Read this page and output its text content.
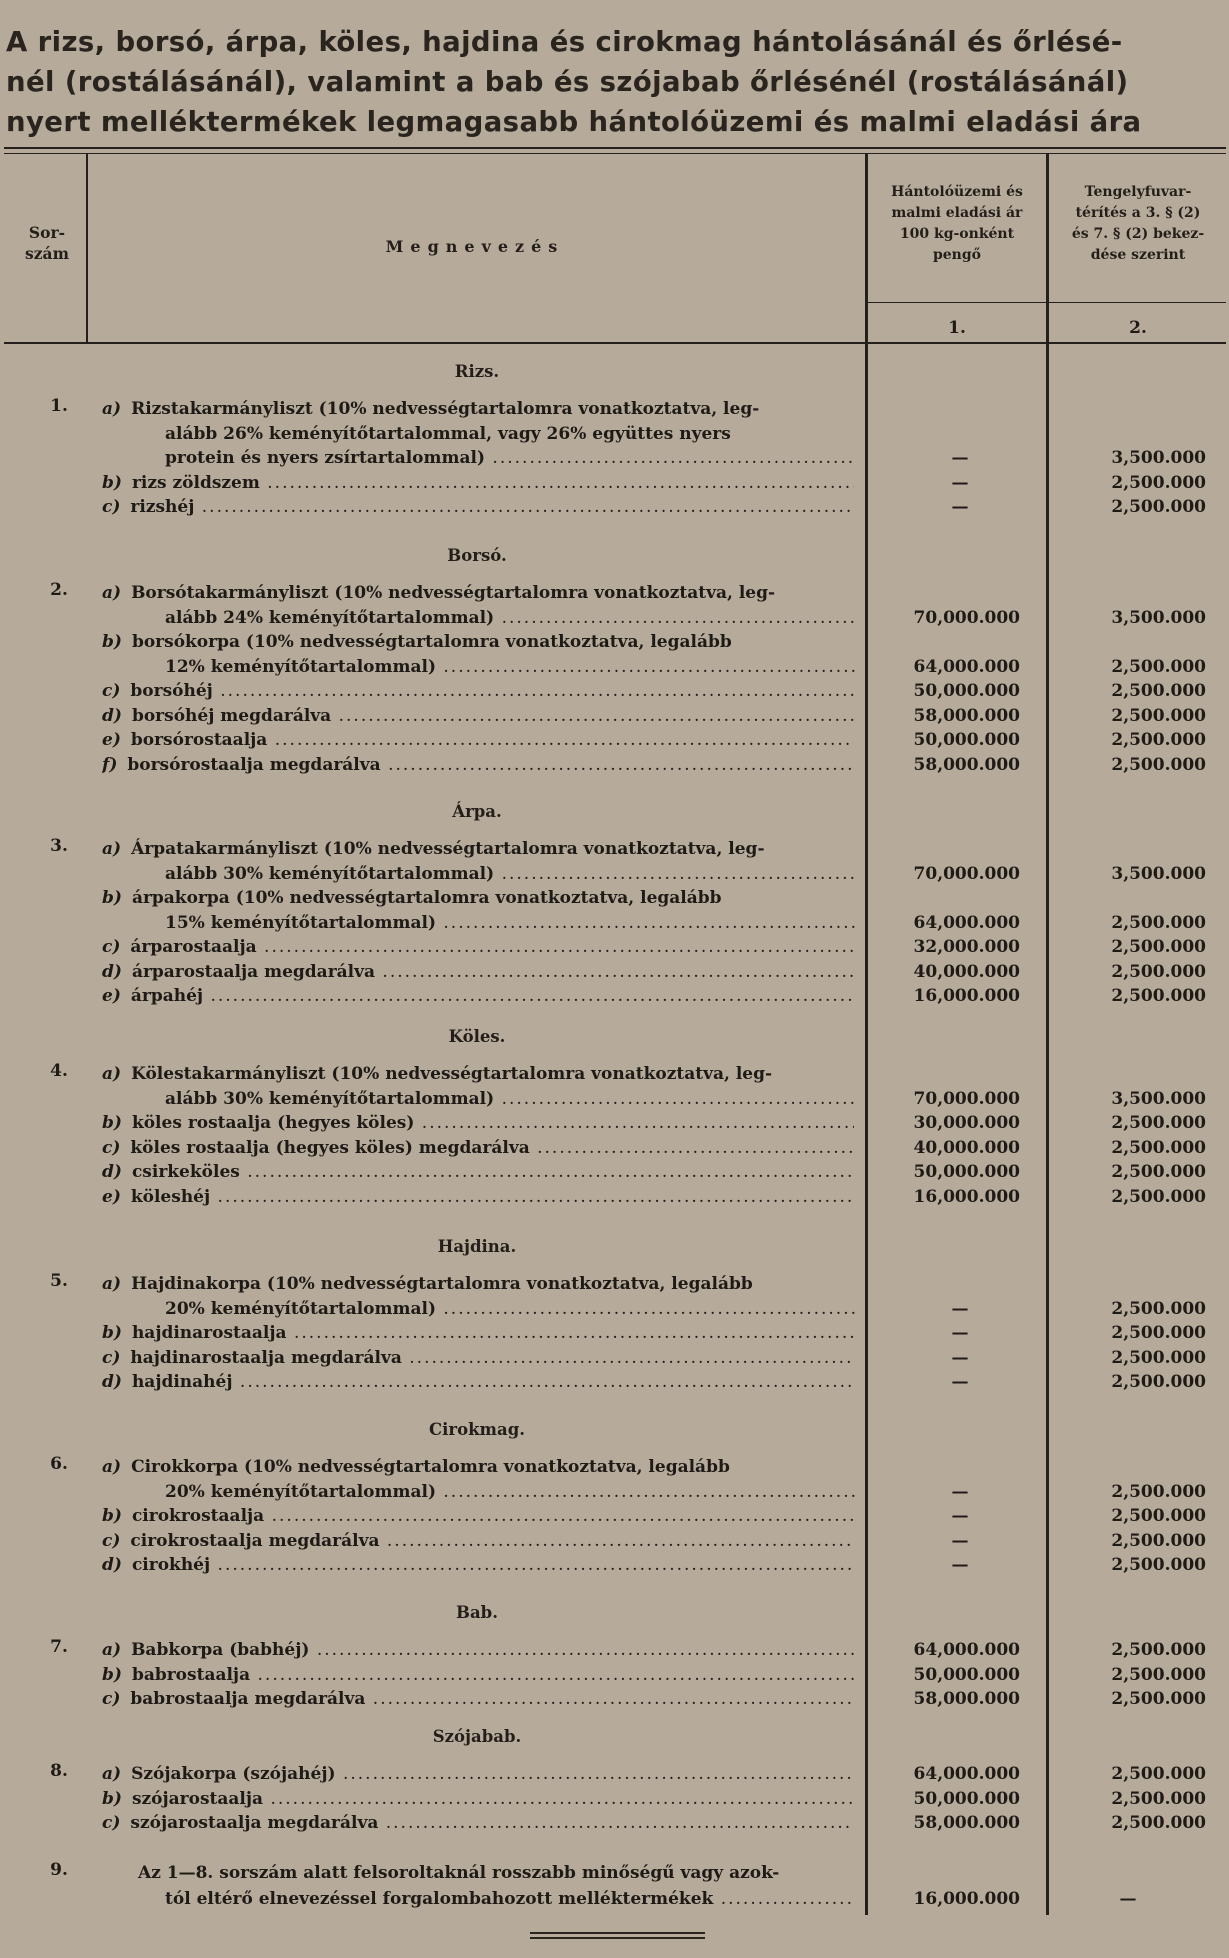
A rizs, borsó, árpa, köles, hajdina és cirokmag hántolásánál és őrlésé-
nél (rostálásánál), valamint a bab és szójabab őrlésénél (rostálásánál)
nyert melléktermékek legmagasabb hántolóüzemi és malmi eladási ára
Sor-
szám	Megnevezés
Hántolóüzemi és
malmi eladási ár
100 kg-onként
pengő
Tengelyfuvar-
térítés a 3. § (2)
és 7. § (2) bekez-
dése szerint
1.	2.
Rizs.
1.
alább 26% keményítőtartalommal, vagy 26% együttes nyers
a) Rizstakarmányliszt (10% nedvességtartalomra vonatkoztatva, leg-
protein és nyers zsírtartalommal) .....	—	3,500.000
b) rizs zöldszem .....	—	2,500.000
c) rizshéj .....	—	2,500.000
Borsó.
2.	a) Borsótakarmányliszt (10% nedvességtartalomra vonatkoztatva, leg-
alább 24% keményítőtartalommal) .....	70,000.000	3,500.000
b) borsókorpa (10% nedvességtartalomra vonatkoztatva, legalább
12% keményítőtartalommal) .....	64,000.000	2,500.000
c) borsóhéj .....	50,000.000	2,500.000
d) borsóhéj megdarálva .....	58,000.000	2,500.000
e) borsórostaalja .....	50,000.000	2,500.000
f) borsórostaalja megdarálva .....	58,000.000	2,500.000
Árpa.
3.	a) Árpatakarmányliszt (10% nedvességtartalomra vonatkoztatva, leg-
alább 30% keményítőtartalommal) .....	70,000.000	3,500.000
b) árpakorpa (10% nedvességtartalomra vonatkoztatva, legalább
15% keményítőtartalommal) .....	64,000.000	2,500.000
c) árparostaalja .....	32,000.000	2,500.000
d) árparostaalja megdarálva .....	40,000.000	2,500.000
e) árpahéj .....	16,000.000	2,500.000
Köles.
4.	a) Kölestakarmányliszt (10% nedvességtartalomra vonatkoztatva, leg-
alább 30% keményítőtartalommal) .....	70,000.000	3,500.000
b) köles rostaalja (hegyes köles) .....	30,000.000	2,500.000
c) köles rostaalja (hegyes köles) megdarálva .....	40,000.000	2,500.000
d) csirkeköles .....	50,000.000	2,500.000
e) köleshéj .....	16,000.000	2,500.000
Hajdina.
5.	a) Hajdinakorpa (10% nedvességtartalomra vonatkoztatva, legalább
20% keményítőtartalommal) .....	—	2,500.000
b) hajdinarostaalja .....	—	2,500.000
c) hajdinarostaalja megdarálva .....	—	2,500.000
d) hajdinahéj .....	—	2,500.000
Cirokmag.
6.	a) Cirokkorpa (10% nedvességtartalomra vonatkoztatva, legalább
20% keményítőtartalommal) .....	—	2,500.000
b) cirokrostaalja .....	—	2,500.000
c) cirokrostaalja megdarálva .....	—	2,500.000
d) cirokhéj .....	—	2,500.000
Bab.
7.	a) Babkorpa (babhéj) .....	64,000.000	2,500.000
b) babrostaalja .....	50,000.000	2,500.000
c) babrostaalja megdarálva .....	58,000.000	2,500.000
Szójabab.
8.	a) Szójakorpa (szójahéj) .....	64,000.000	2,500.000
b) szójarostaalja .....	50,000.000	2,500.000
c) szójarostaalja megdarálva .....	58,000.000	2,500.000
9.	Az 1—8. sorszám alatt felsoroltaknál rosszabb minőségű vagy azok-
tól eltérő elnevezéssel forgalombahozott melléktermékek .....	16,000.000	—
